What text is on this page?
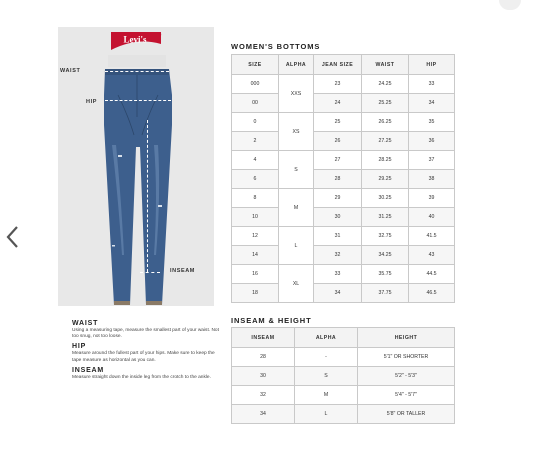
Levi's	®
WAIST
HIP
INSEAM
WAIST
Using a measuring tape, measure the smallest part of your waist. Not too snug, not too loose.
HIP
Measure around the fullest part of your hips. Make sure to keep the tape measure as horizontal as you can.
INSEAM
Measure straight down the inside leg from the crotch to the ankle.
WOMEN'S BOTTOMS
SIZE	ALPHA	JEAN SIZE	WAIST	HIP
000	XXS	23	24.25	33
00		24	25.25	34
0	XS	25	26.25	35
2		26	27.25	36
4	S	27	28.25	37
6		28	29.25	38
8	M	29	30.25	39
10		30	31.25	40
12	L	31	32.75	41.5
14		32	34.25	43
16	XL	33	35.75	44.5
18		34	37.75	46.5
INSEAM & HEIGHT
INSEAM	ALPHA	HEIGHT
28	-	5'1" OR SHORTER
30	S	5'2" - 5'3"
32	M	5'4" - 5'7"
34	L	5'8" OR TALLER
